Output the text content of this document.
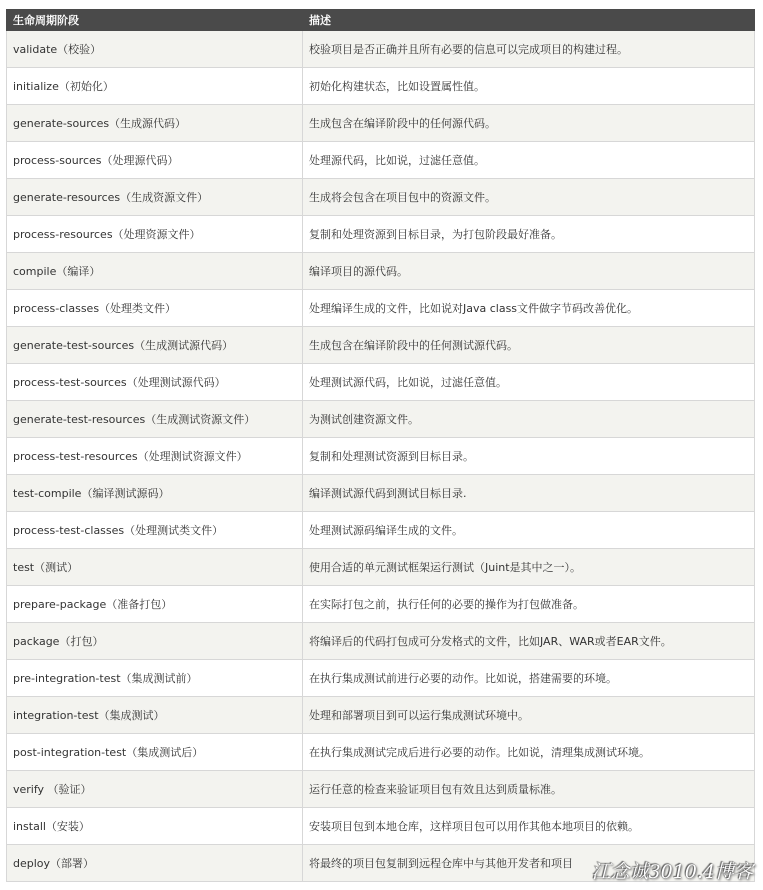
生命周期阶段	描述
validate（校验）	校验项目是否正确并且所有必要的信息可以完成项目的构建过程。
initialize（初始化）	初始化构建状态，比如设置属性值。
generate-sources（生成源代码）	生成包含在编译阶段中的任何源代码。
process-sources（处理源代码）	处理源代码，比如说，过滤任意值。
generate-resources（生成资源文件）	生成将会包含在项目包中的资源文件。
process-resources（处理资源文件）	复制和处理资源到目标目录，为打包阶段最好准备。
compile（编译）	编译项目的源代码。
process-classes（处理类文件）	处理编译生成的文件，比如说对Java class文件做字节码改善优化。
generate-test-sources（生成测试源代码）	生成包含在编译阶段中的任何测试源代码。
process-test-sources（处理测试源代码）	处理测试源代码，比如说，过滤任意值。
generate-test-resources（生成测试资源文件）	为测试创建资源文件。
process-test-resources（处理测试资源文件）	复制和处理测试资源到目标目录。
test-compile（编译测试源码）	编译测试源代码到测试目标目录.
process-test-classes（处理测试类文件）	处理测试源码编译生成的文件。
test（测试）	使用合适的单元测试框架运行测试（Juint是其中之一）。
prepare-package（准备打包）	在实际打包之前，执行任何的必要的操作为打包做准备。
package（打包）	将编译后的代码打包成可分发格式的文件，比如JAR、WAR或者EAR文件。
pre-integration-test（集成测试前）	在执行集成测试前进行必要的动作。比如说，搭建需要的环境。
integration-test（集成测试）	处理和部署项目到可以运行集成测试环境中。
post-integration-test（集成测试后）	在执行集成测试完成后进行必要的动作。比如说，清理集成测试环境。
verify （验证）	运行任意的检查来验证项目包有效且达到质量标准。
install（安装）	安装项目包到本地仓库，这样项目包可以用作其他本地项目的依赖。
deploy（部署）	将最终的项目包复制到远程仓库中与其他开发者和项目 江念诚3010.4博客
